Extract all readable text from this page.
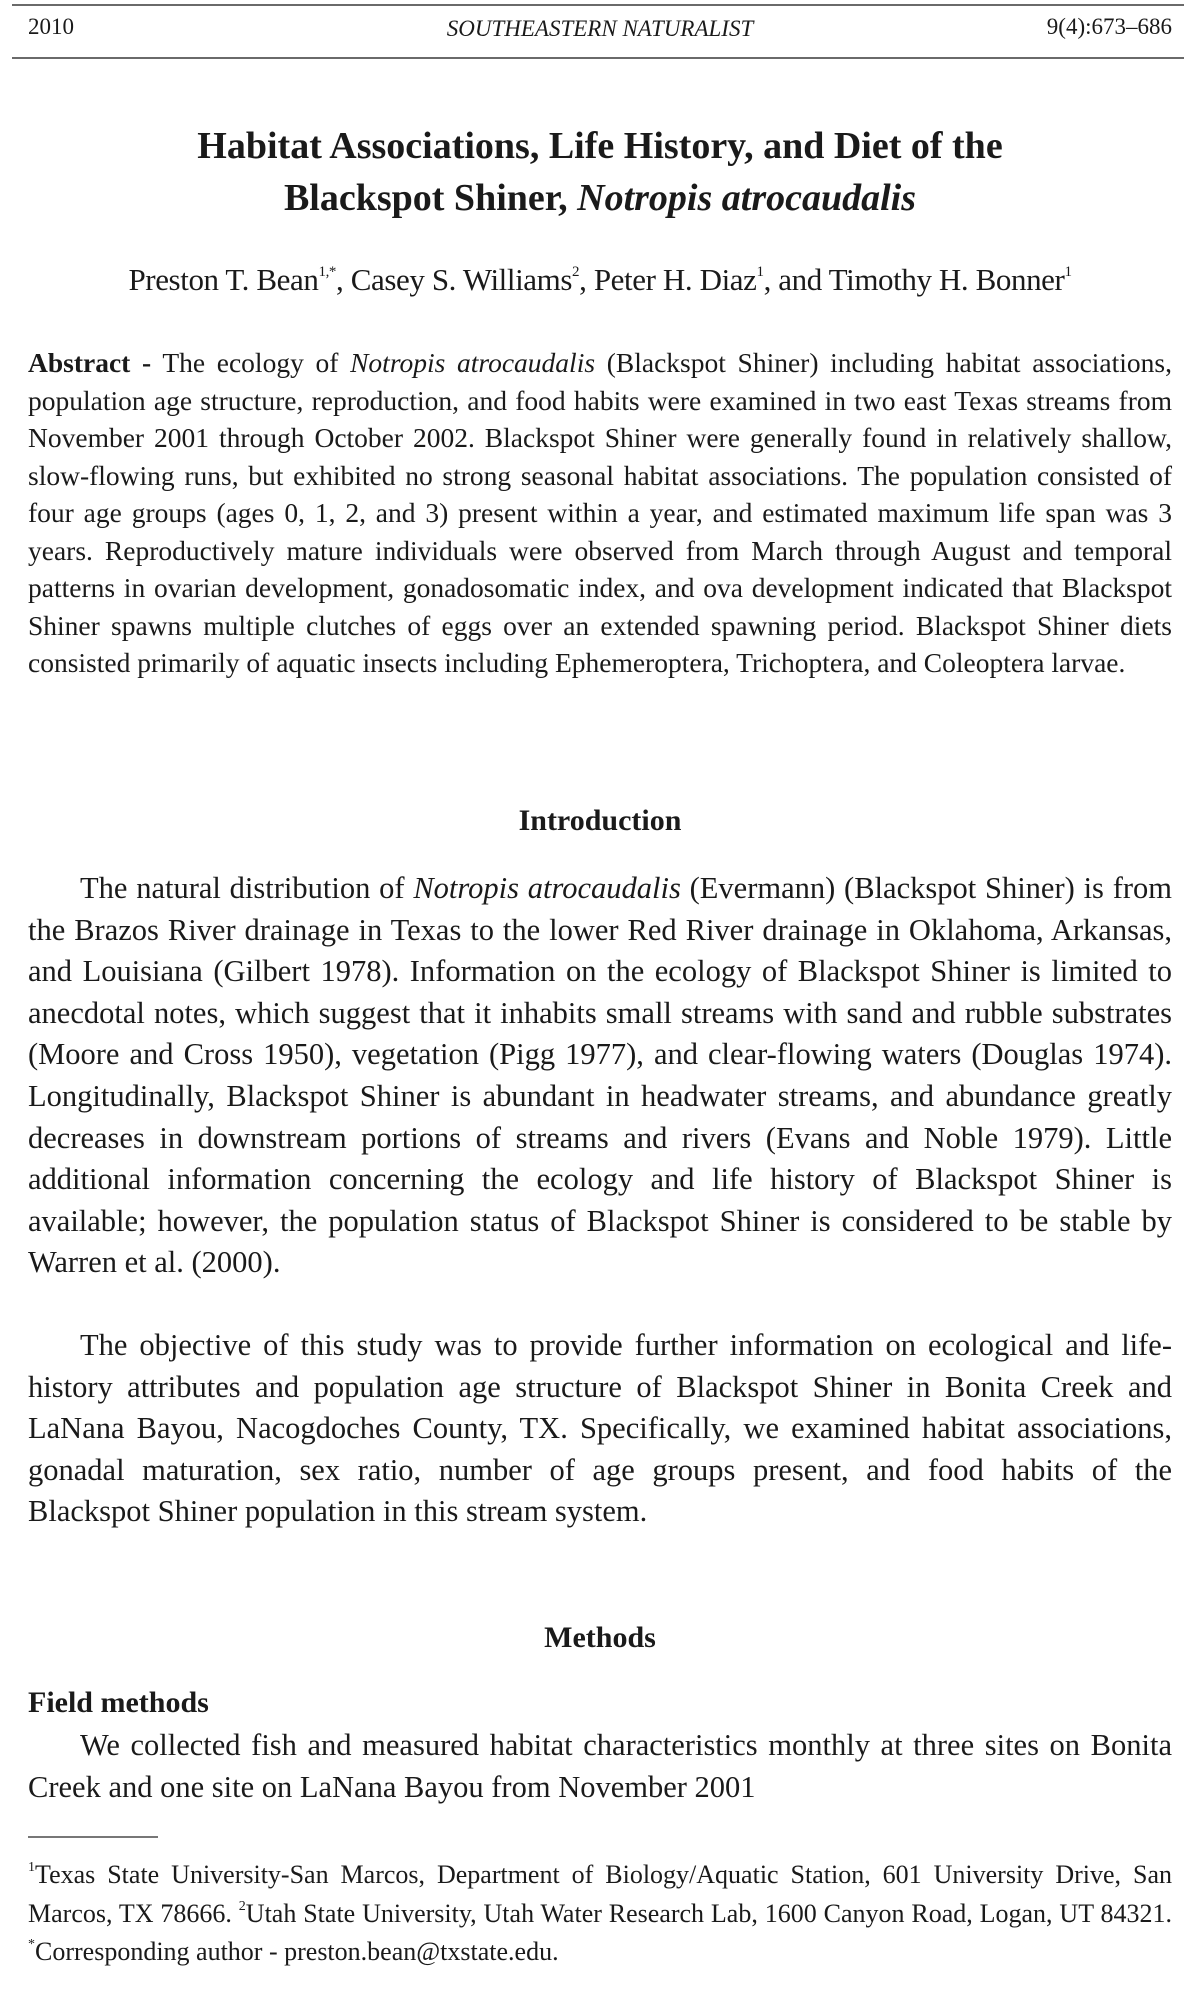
2010	SOUTHEASTERN NATURALIST	9(4):673–686
Habitat Associations, Life History, and Diet of the
Blackspot Shiner, Notropis atrocaudalis
Preston T. Bean$^{1,*}$, Casey S. Williams$^2$, Peter H. Diaz$^1$, and Timothy H. Bonner$^1$
Abstract - The ecology of Notropis atrocaudalis (Blackspot Shiner) including habitat associations, population age structure, reproduction, and food habits were examined in two east Texas streams from November 2001 through October 2002. Blackspot Shiner were generally found in relatively shallow, slow-flowing runs, but exhibited no strong seasonal habitat associations. The population consisted of four age groups (ages 0, 1, 2, and 3) present within a year, and estimated maximum life span was 3 years. Reproductively mature individuals were observed from March through August and temporal patterns in ovarian development, gonadosomatic index, and ova development indicated that Blackspot Shiner spawns multiple clutches of eggs over an extended spawning period. Blackspot Shiner diets consisted primarily of aquatic insects including Ephemeroptera, Trichoptera, and Coleoptera larvae.
Introduction

The natural distribution of Notropis atrocaudalis (Evermann) (Blackspot Shiner) is from the Brazos River drainage in Texas to the lower Red River drainage in Oklahoma, Arkansas, and Louisiana (Gilbert 1978). Information on the ecology of Blackspot Shiner is limited to anecdotal notes, which suggest that it inhabits small streams with sand and rubble substrates (Moore and Cross 1950), vegetation (Pigg 1977), and clear-flowing waters (Douglas 1974). Longitudinally, Blackspot Shiner is abundant in headwater streams, and abundance greatly decreases in downstream portions of streams and rivers (Evans and Noble 1979). Little additional information concerning the ecology and life history of Blackspot Shiner is available; however, the population status of Blackspot Shiner is considered to be stable by Warren et al. (2000).

The objective of this study was to provide further information on ecological and life-history attributes and population age structure of Blackspot Shiner in Bonita Creek and LaNana Bayou, Nacogdoches County, TX. Specifically, we examined habitat associations, gonadal maturation, sex ratio, number of age groups present, and food habits of the Blackspot Shiner population in this stream system.

Methods
Field methods

We collected fish and measured habitat characteristics monthly at three sites on Bonita Creek and one site on LaNana Bayou from November 2001

$^1$Texas State University-San Marcos, Department of Biology/Aquatic Station, 601 University Drive, San Marcos, TX 78666. $^2$Utah State University, Utah Water Research Lab, 1600 Canyon Road, Logan, UT 84321. *Corresponding author - preston.bean@txstate.edu.
